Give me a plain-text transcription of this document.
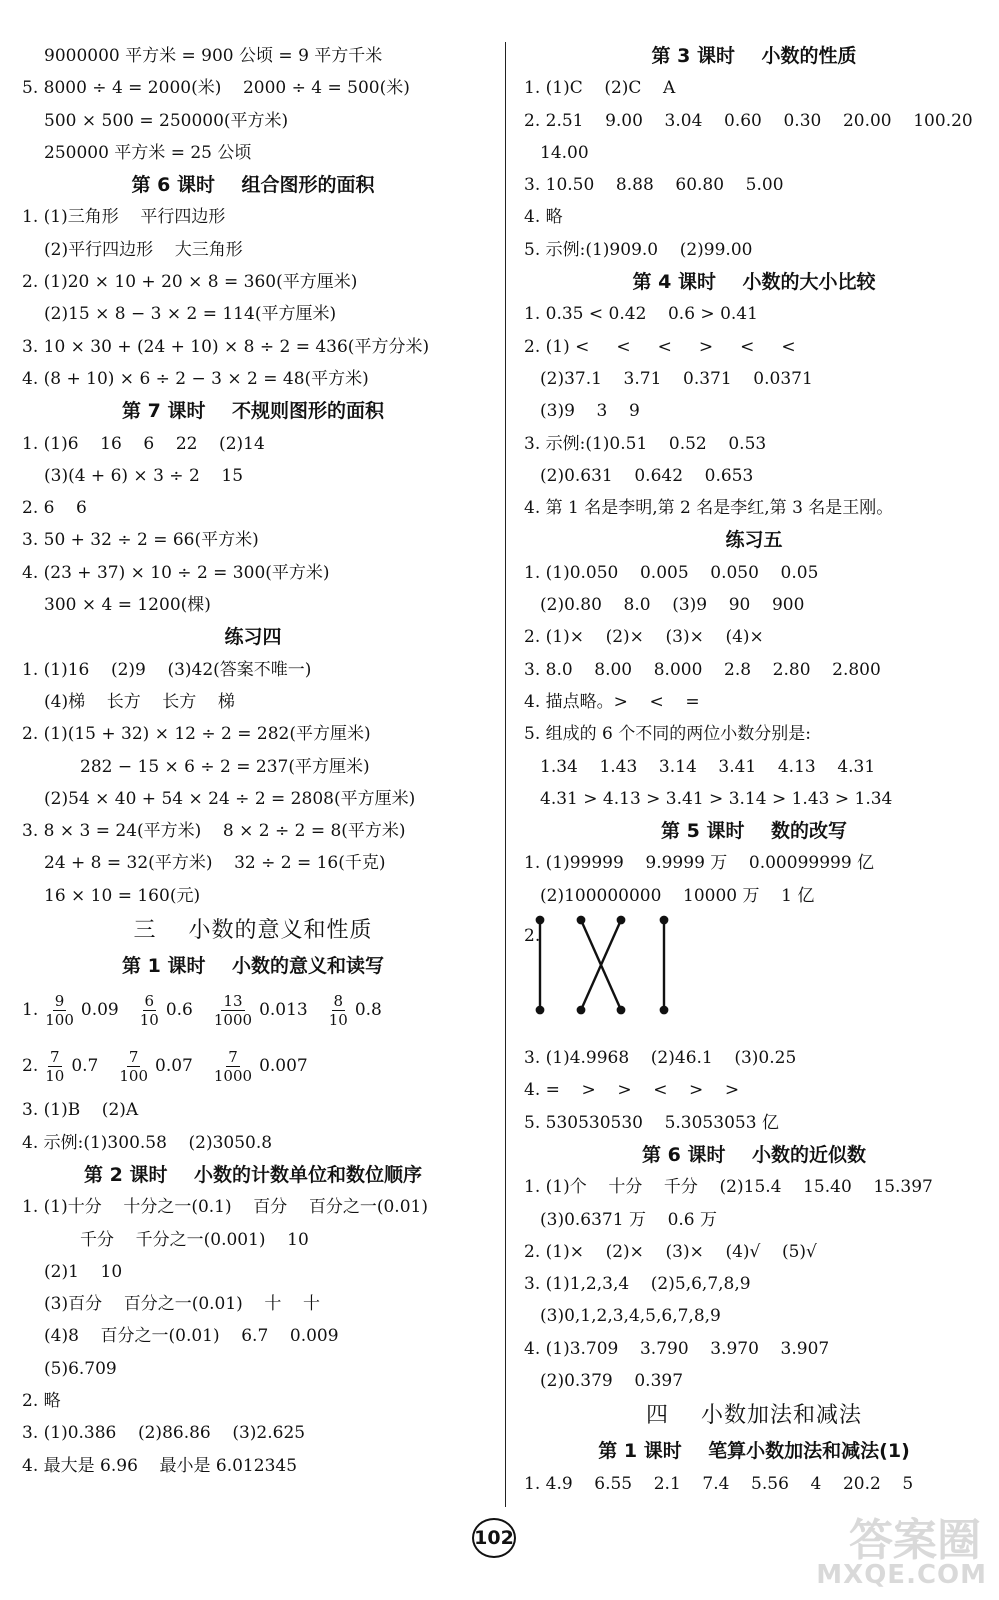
9000000 平方米 = 900 公顷 = 9 平方千米
5. 8000 ÷ 4 = 2000(米)    2000 ÷ 4 = 500(米)
500 × 500 = 250000(平方米)
250000 平方米 = 25 公顷
第 6 课时    组合图形的面积
1. (1)三角形    平行四边形
(2)平行四边形    大三角形
2. (1)20 × 10 + 20 × 8 = 360(平方厘米)
(2)15 × 8 − 3 × 2 = 114(平方厘米)
3. 10 × 30 + (24 + 10) × 8 ÷ 2 = 436(平方分米)
4. (8 + 10) × 6 ÷ 2 − 3 × 2 = 48(平方米)
第 7 课时    不规则图形的面积
1. (1)6    16    6    22    (2)14
(3)(4 + 6) × 3 ÷ 2    15
2. 6    6
3. 50 + 32 ÷ 2 = 66(平方米)
4. (23 + 37) × 10 ÷ 2 = 300(平方米)
300 × 4 = 1200(棵)
练习四
1. (1)16    (2)9    (3)42(答案不唯一)
(4)梯    长方    长方    梯
2. (1)(15 + 32) × 12 ÷ 2 = 282(平方厘米)
282 − 15 × 6 ÷ 2 = 237(平方厘米)
(2)54 × 40 + 54 × 24 ÷ 2 = 2808(平方厘米)
3. 8 × 3 = 24(平方米)    8 × 2 ÷ 2 = 8(平方米)
24 + 8 = 32(平方米)    32 ÷ 2 = 16(千克)
16 × 10 = 160(元)
三    小数的意义和性质
第 1 课时    小数的意义和读写
1. $\frac{9}{100} 0.09 \frac{6}{10} 0.6 \frac{13}{1000} 0.013 \frac{8}{10} 0.8$
2. $\frac{7}{10} 0.7 \frac{7}{100} 0.07 \frac{7}{1000} 0.007$
3. (1)B    (2)A
4. 示例:(1)300.58    (2)3050.8
第 2 课时    小数的计数单位和数位顺序
1. (1)十分    十分之一(0.1)    百分    百分之一(0.01)
千分    千分之一(0.001)    10
(2)1    10
(3)百分    百分之一(0.01)    十    十
(4)8    百分之一(0.01)    6.7    0.009
(5)6.709
2. 略
3. (1)0.386    (2)86.86    (3)2.625
4. 最大是 6.96    最小是 6.012345
第 3 课时    小数的性质
1. (1)C    (2)C    A
2. 2.51    9.00    3.04    0.60    0.30    20.00    100.20
14.00
3. 10.50    8.88    60.80    5.00
4. 略
5. 示例:(1)909.0    (2)99.00
第 4 课时    小数的大小比较
1. 0.35 < 0.42    0.6 > 0.41
2. (1) <     <     <     >     <     <
(2)37.1    3.71    0.371    0.0371
(3)9    3    9
3. 示例:(1)0.51    0.52    0.53
(2)0.631    0.642    0.653
4. 第 1 名是李明,第 2 名是李红,第 3 名是王刚。
练习五
1. (1)0.050    0.005    0.050    0.05
(2)0.80    8.0    (3)9    90    900
2. (1)×    (2)×    (3)×    (4)×
3. 8.0    8.00    8.000    2.8    2.80    2.800
4. 描点略。>    <    =
5. 组成的 6 个不同的两位小数分别是:
1.34    1.43    3.14    3.41    4.13    4.31
4.31 > 4.13 > 3.41 > 3.14 > 1.43 > 1.34
第 5 课时    数的改写
1. (1)99999    9.9999 万    0.00099999 亿
(2)100000000    10000 万    1 亿
2.
3. (1)4.9968    (2)46.1    (3)0.25
4. =    >    >    <    >    >
5. 530530530    5.3053053 亿
第 6 课时    小数的近似数
1. (1)个    十分    千分    (2)15.4    15.40    15.397
(3)0.6371 万    0.6 万
2. (1)×    (2)×    (3)×    (4)√    (5)√
3. (1)1,2,3,4    (2)5,6,7,8,9
(3)0,1,2,3,4,5,6,7,8,9
4. (1)3.709    3.790    3.970    3.907
(2)0.379    0.397
四    小数加法和减法
第 1 课时    笔算小数加法和减法(1)
1. 4.9    6.55    2.1    7.4    5.56    4    20.2    5
102	答案圈
MXQE.COM
